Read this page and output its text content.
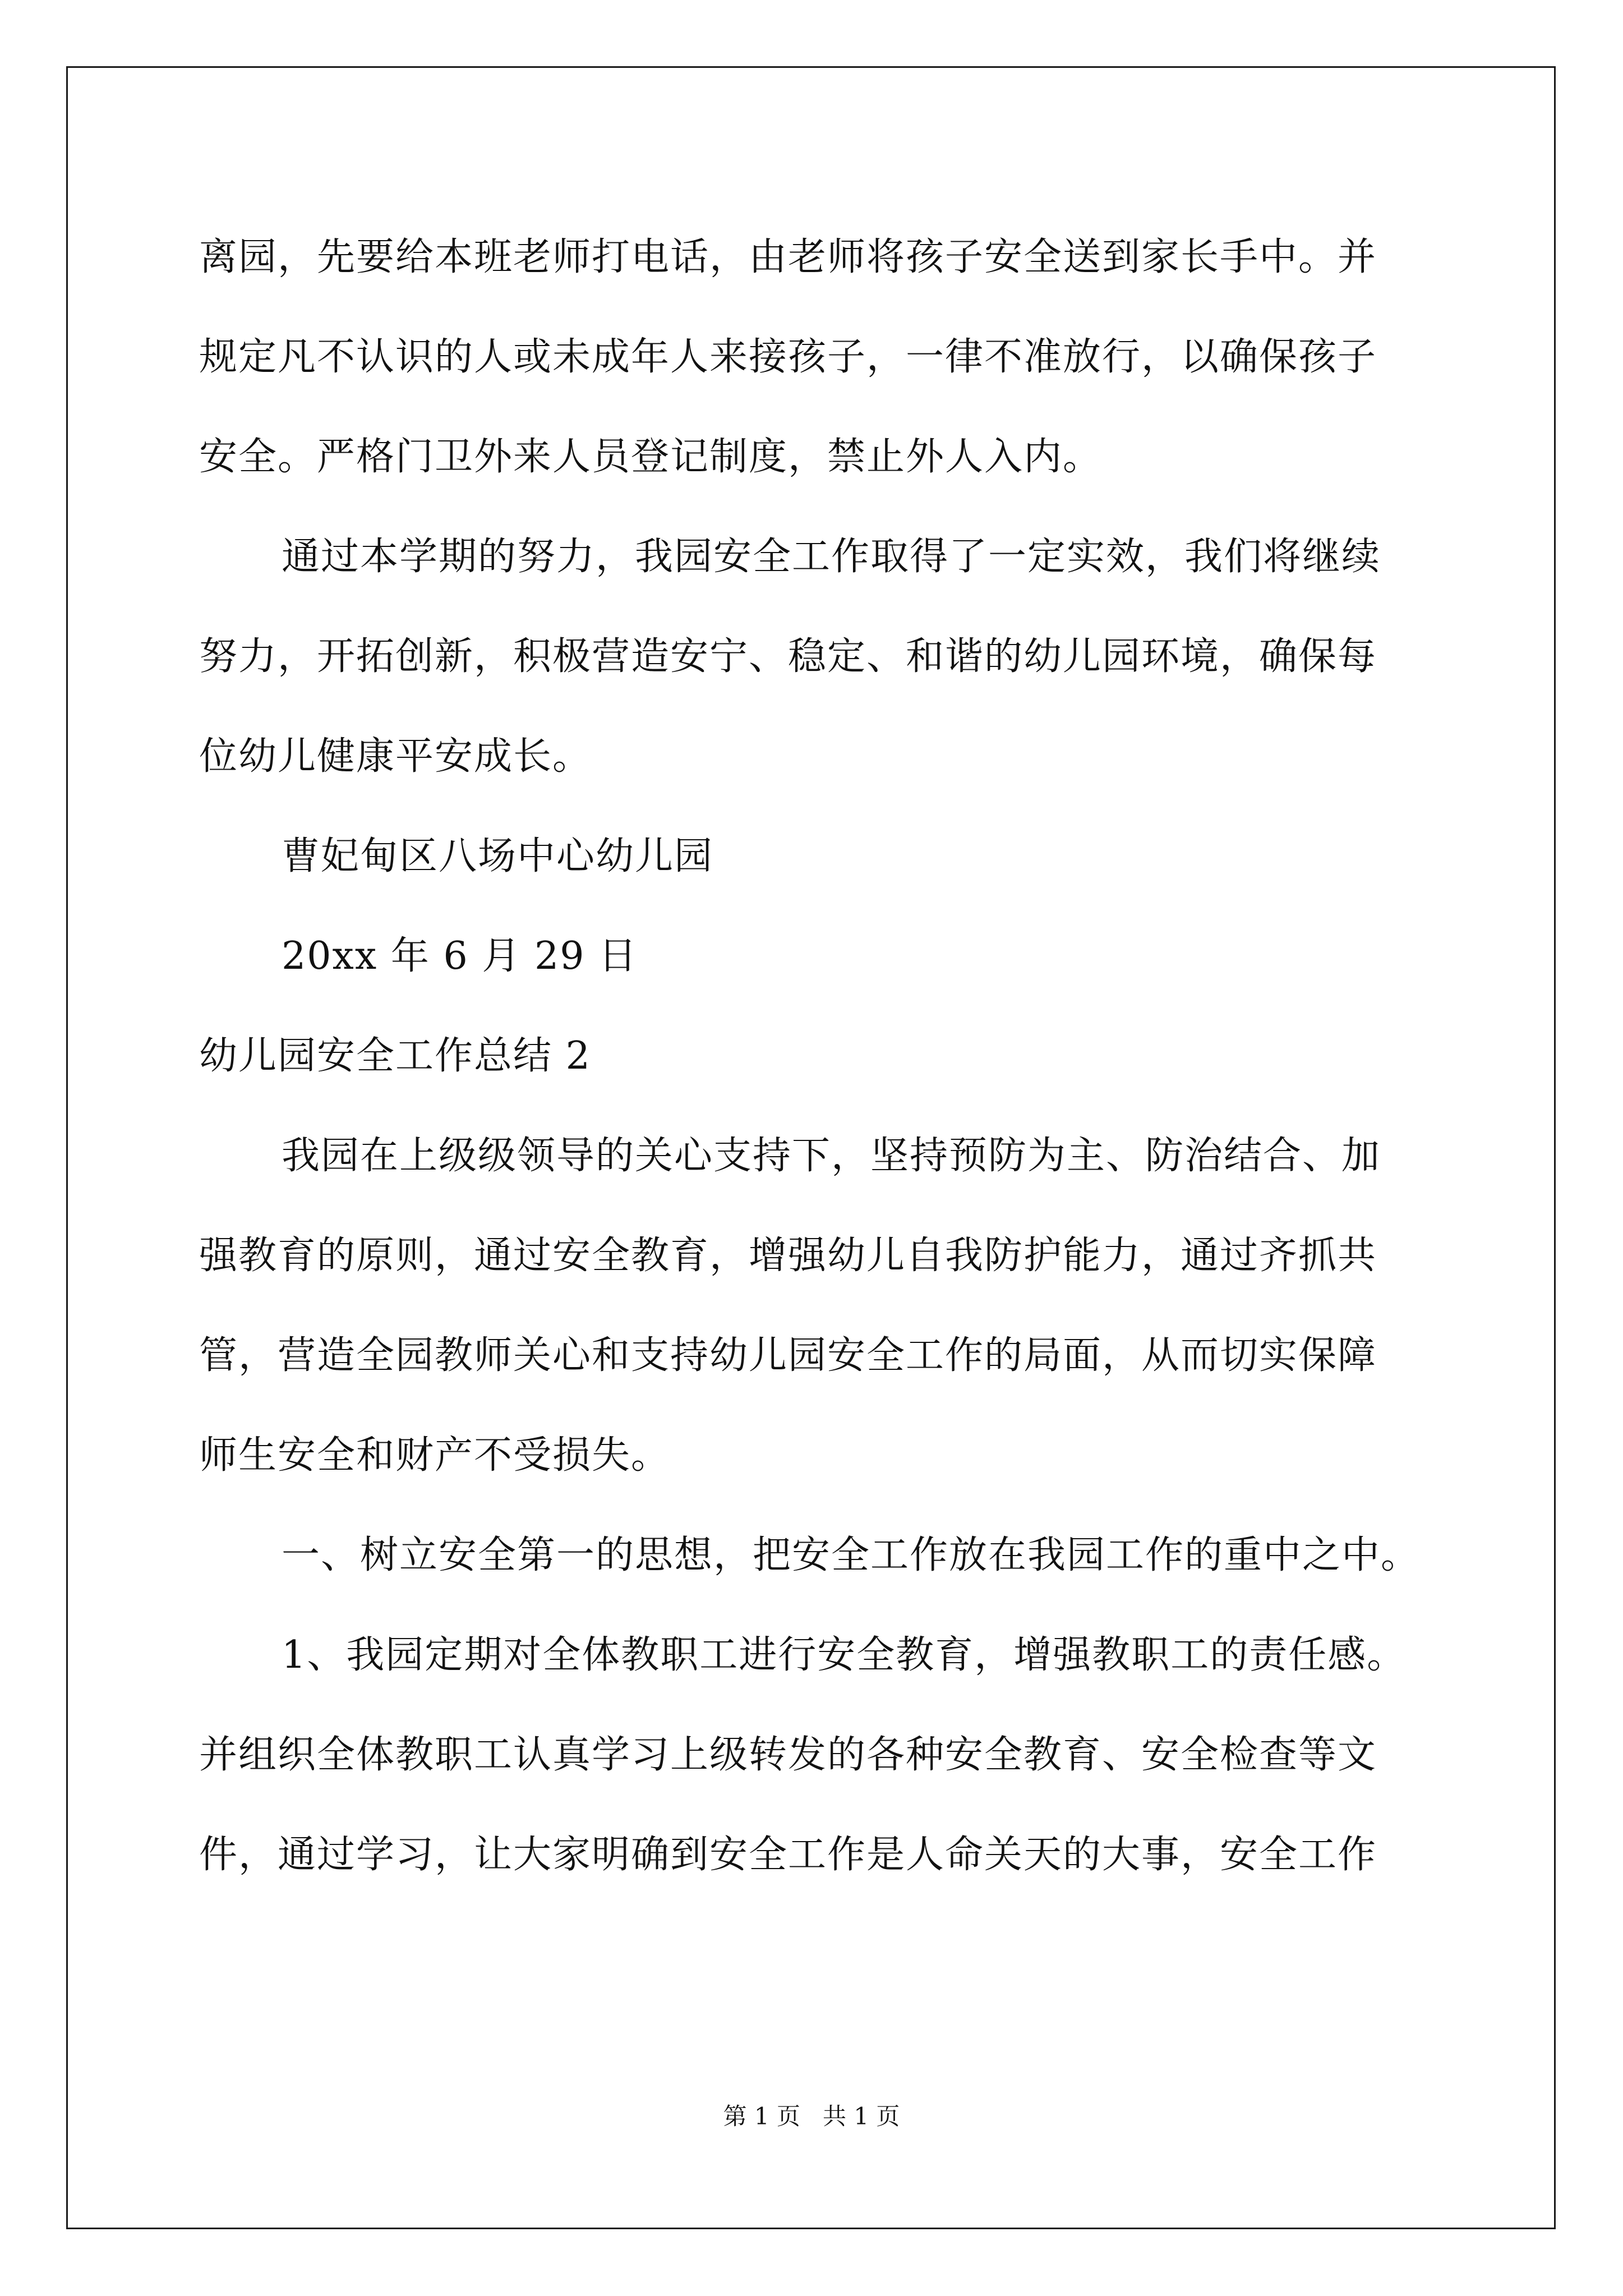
离园，先要给本班老师打电话，由老师将孩子安全送到家长手中。并
规定凡不认识的人或未成年人来接孩子，一律不准放行，以确保孩子
安全。严格门卫外来人员登记制度，禁止外人入内。
通过本学期的努力，我园安全工作取得了一定实效，我们将继续
努力，开拓创新，积极营造安宁、稳定、和谐的幼儿园环境，确保每
位幼儿健康平安成长。
曹妃甸区八场中心幼儿园
20xx 年 6 月 29 日
幼儿园安全工作总结 2
我园在上级级领导的关心支持下，坚持预防为主、防治结合、加
强教育的原则，通过安全教育，增强幼儿自我防护能力，通过齐抓共
管，营造全园教师关心和支持幼儿园安全工作的局面，从而切实保障
师生安全和财产不受损失。
一、树立安全第一的思想，把安全工作放在我园工作的重中之中。
1、我园定期对全体教职工进行安全教育，增强教职工的责任感。
并组织全体教职工认真学习上级转发的各种安全教育、安全检查等文
件，通过学习，让大家明确到安全工作是人命关天的大事，安全工作
第 1 页 共 1 页
